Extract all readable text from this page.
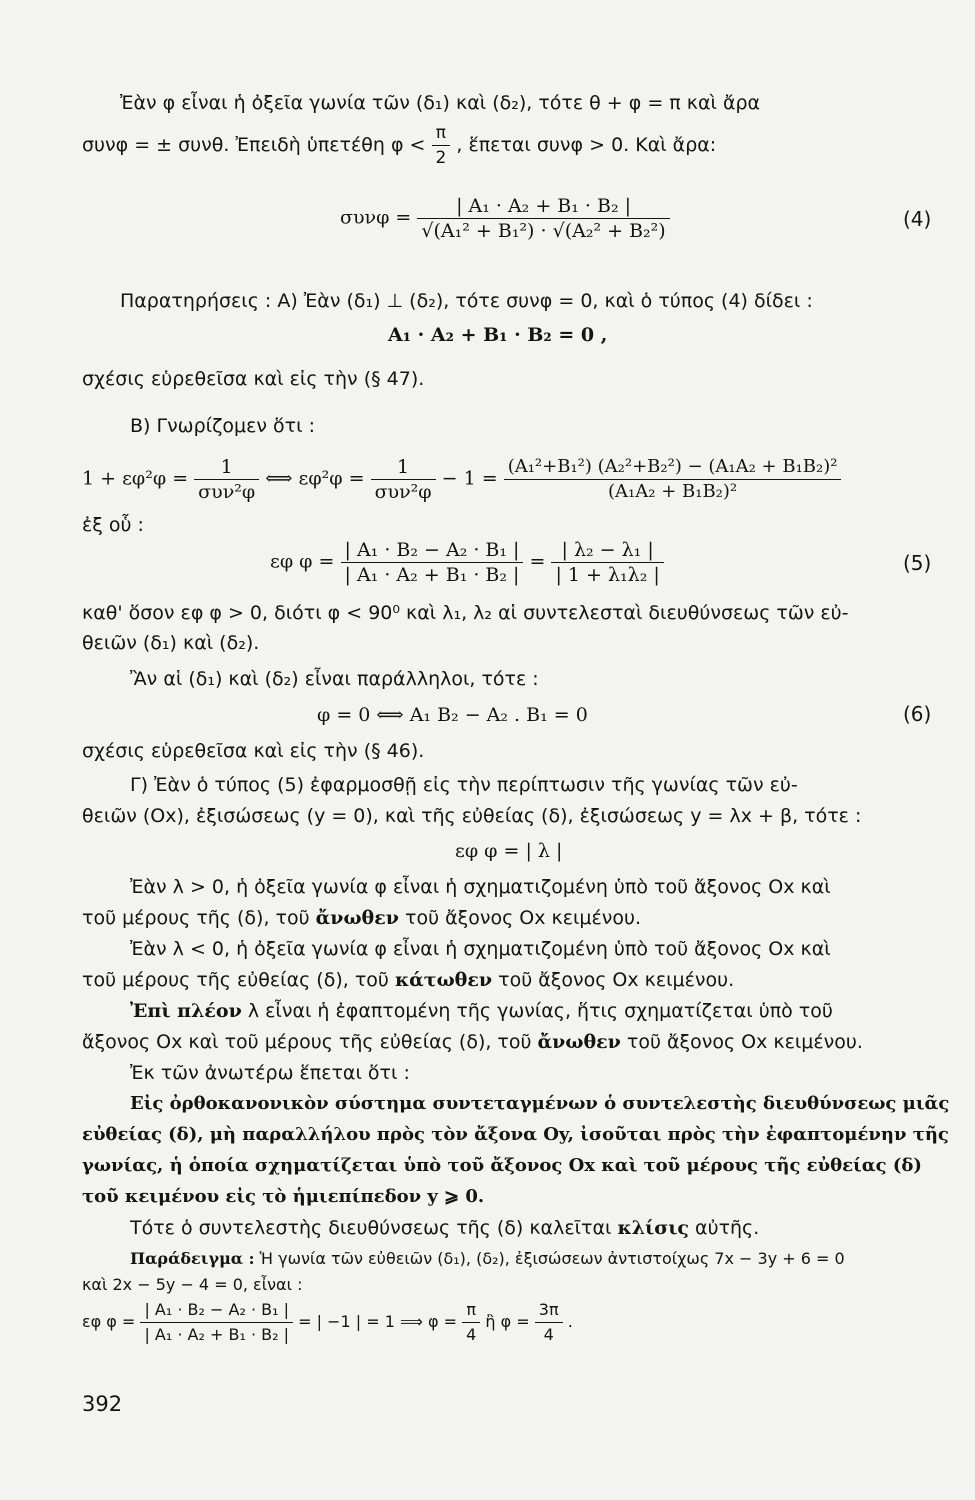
Ἐὰν φ εἶναι ἡ ὀξεῖα γωνία τῶν (δ₁) καὶ (δ₂), τότε θ + φ = π καὶ ἄρα
συνφ = ± συνθ. Ἐπειδὴ ὑπετέθη $\varphi < \frac{\pi}{2}$ , ἕπεται συνφ > 0. Καὶ ἄρα:
$\sigma\upsilon\nu\varphi = \frac{\text{| A₁ · A₂ + B₁ · B₂ |}}{\text{√(A₁² + B₁²) · √(A₂² + B₂²)}}$	(4)
Παρατηρήσεις : A) Ἐὰν (δ₁) ⊥ (δ₂), τότε συνφ = 0, καὶ ὁ τύπος (4) δίδει :
A₁ · A₂ + B₁ · B₂ = 0 ,
σχέσις εὑρεθεῖσα καὶ εἰς τὴν (§ 47).
B) Γνωρίζομεν ὅτι :
$1 + \varepsilon\varphi^2\varphi = \frac{1}{\text{συν²φ}}$ ⟺ $\varepsilon\varphi^2\varphi = \frac{1}{\text{συν²φ}} - 1 = \frac{\text{(A₁²+B₁²) (A₂²+B₂²) − (A₁A₂ + B₁B₂)²}}{\text{(A₁A₂ + B₁B₂)²}}$
ἐξ οὗ :
εφ $\varphi = \frac{\text{| A₁ · B₂ − A₂ · B₁ |}}{\text{| A₁ · A₂ + B₁ · B₂ |}} = \frac{\text{| λ₂ − λ₁ |}}{\text{| 1 + λ₁λ₂ |}}$	(5)
καθ' ὅσον εφ φ > 0, διότι φ < 90⁰ καὶ λ₁, λ₂ αἱ συντελεσταὶ διευθύνσεως τῶν εὐ-
θειῶν (δ₁) καὶ (δ₂).
Ἂν αἱ (δ₁) καὶ (δ₂) εἶναι παράλληλοι, τότε :
φ = 0 ⟺ A₁ B₂ − A₂ . B₁ = 0	(6)
σχέσις εὑρεθεῖσα καὶ εἰς τὴν (§ 46).
Γ) Ἐὰν ὁ τύπος (5) ἐφαρμοσθῇ εἰς τὴν περίπτωσιν τῆς γωνίας τῶν εὐ-
θειῶν (Ox), ἐξισώσεως (y = 0), καὶ τῆς εὐθείας (δ), ἐξισώσεως y = λx + β, τότε :
εφ φ = | λ |
Ἐὰν λ > 0, ἡ ὀξεῖα γωνία φ εἶναι ἡ σχηματιζομένη ὑπὸ τοῦ ἄξονος Ox καὶ
τοῦ μέρους τῆς (δ), τοῦ ἄνωθεν τοῦ ἄξονος Ox κειμένου.
Ἐὰν λ < 0, ἡ ὀξεῖα γωνία φ εἶναι ἡ σχηματιζομένη ὑπὸ τοῦ ἄξονος Ox καὶ
τοῦ μέρους τῆς εὐθείας (δ), τοῦ κάτωθεν τοῦ ἄξονος Ox κειμένου.
Ἐπὶ πλέον λ εἶναι ἡ ἐφαπτομένη τῆς γωνίας, ἥτις σχηματίζεται ὑπὸ τοῦ
ἄξονος Ox καὶ τοῦ μέρους τῆς εὐθείας (δ), τοῦ ἄνωθεν τοῦ ἄξονος Ox κειμένου.
Ἐκ τῶν ἀνωτέρω ἕπεται ὅτι :
Εἰς ὀρθοκανονικὸν σύστημα συντεταγμένων ὁ συντελεστὴς διευθύνσεως μιᾶς
εὐθείας (δ), μὴ παραλλήλου πρὸς τὸν ἄξονα Oy, ἰσοῦται πρὸς τὴν ἐφαπτομένην τῆς
γωνίας, ἡ ὁποία σχηματίζεται ὑπὸ τοῦ ἄξονος Ox καὶ τοῦ μέρους τῆς εὐθείας (δ)
τοῦ κειμένου εἰς τὸ ἡμιεπίπεδον y ⩾ 0.
Τότε ὁ συντελεστὴς διευθύνσεως τῆς (δ) καλεῖται κλίσις αὐτῆς.
Παράδειγμα : Ἡ γωνία τῶν εὐθειῶν (δ₁), (δ₂), ἐξισώσεων ἀντιστοίχως 7x − 3y + 6 = 0
καὶ 2x − 5y − 4 = 0, εἶναι :
εφ $\varphi = \frac{\text{| A₁ · B₂ − A₂ · B₁ |}}{\text{| A₁ · A₂ + B₁ · B₂ |}}$ = | −1 | = 1 ⟹ $\varphi = \frac{\pi}{4}$ ἢ $\varphi = \frac{3\pi}{4}$ .
392
